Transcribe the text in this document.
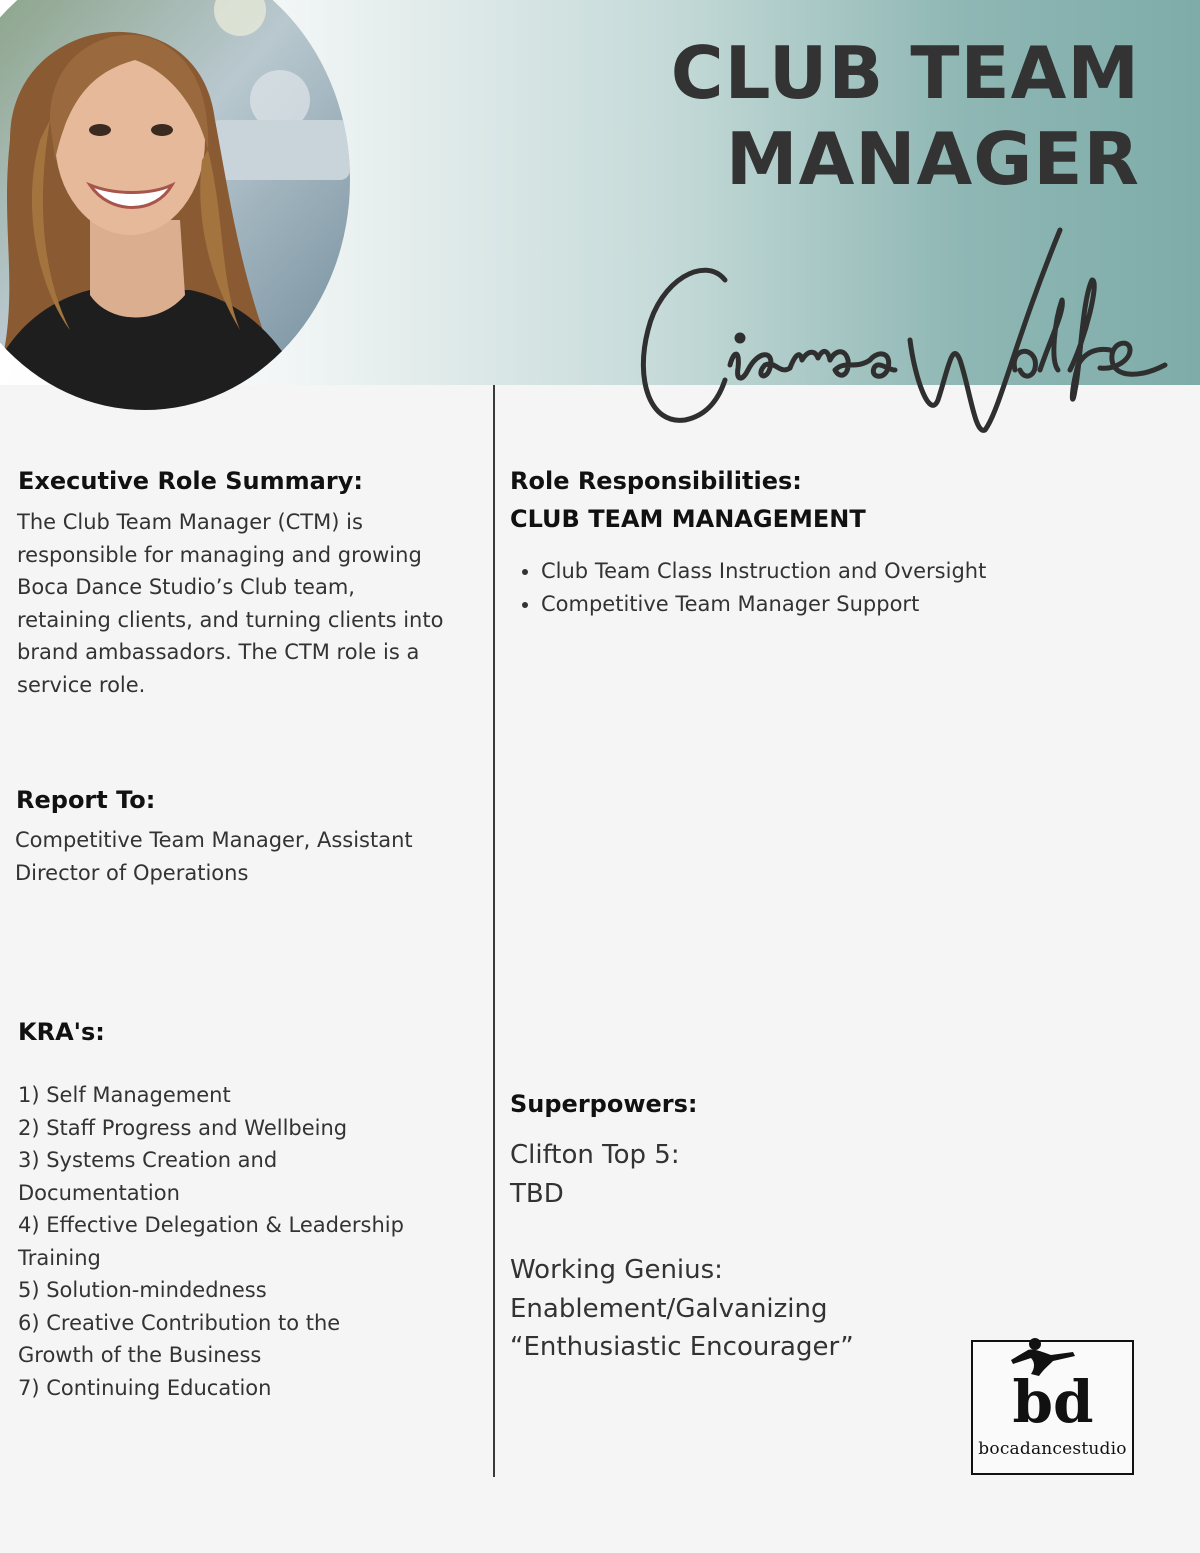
CLUB TEAM
MANAGER
Executive Role Summary:
The Club Team Manager (CTM) is
responsible for managing and growing
Boca Dance Studio’s Club team,
retaining clients, and turning clients into
brand ambassadors. The CTM role is a
service role.
Report To:
Competitive Team Manager, Assistant
Director of Operations
KRA's:
1) Self Management
2) Staff Progress and Wellbeing
3) Systems Creation and
Documentation
4) Effective Delegation & Leadership
Training
5) Solution-mindedness
6) Creative Contribution to the
Growth of the Business
7) Continuing Education
Role Responsibilities:
CLUB TEAM MANAGEMENT
• Club Team Class Instruction and Oversight
• Competitive Team Manager Support
Superpowers:
Clifton Top 5:
TBD
Working Genius:
Enablement/Galvanizing
“Enthusiastic Encourager”
bd
bocadancestudio
